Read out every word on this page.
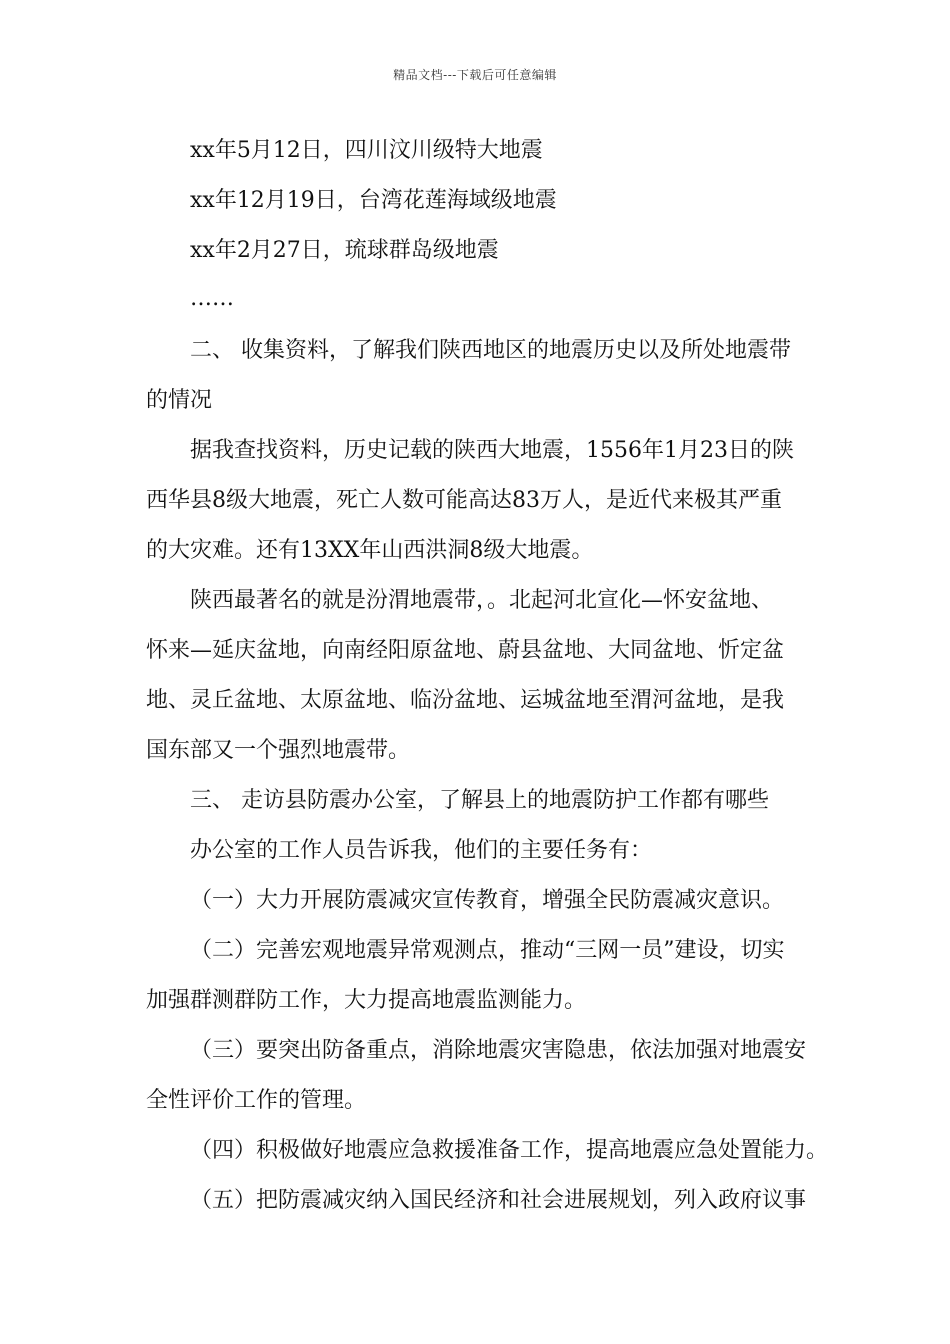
精品文档---下载后可任意编辑
xx年5月12日，四川汶川级特大地震
xx年12月19日，台湾花莲海域级地震
xx年2月27日，琉球群岛级地震
……
二、 收集资料，了解我们陕西地区的地震历史以及所处地震带
的情况
据我查找资料，历史记载的陕西大地震，1556年1月23日的陕
西华县8级大地震，死亡人数可能高达83万人，是近代来极其严重
的大灾难。还有13XX年山西洪洞8级大地震。
陕西最著名的就是汾渭地震带，。北起河北宣化—怀安盆地、
怀来—延庆盆地，向南经阳原盆地、蔚县盆地、大同盆地、忻定盆
地、灵丘盆地、太原盆地、临汾盆地、运城盆地至渭河盆地，是我
国东部又一个强烈地震带。
三、 走访县防震办公室，了解县上的地震防护工作都有哪些
办公室的工作人员告诉我，他们的主要任务有：
（一）大力开展防震减灾宣传教育，增强全民防震减灾意识。
（二）完善宏观地震异常观测点，推动“三网一员”建设，切实
加强群测群防工作，大力提高地震监测能力。
（三）要突出防备重点，消除地震灾害隐患，依法加强对地震安
全性评价工作的管理。
（四）积极做好地震应急救援准备工作，提高地震应急处置能力。
（五）把防震减灾纳入国民经济和社会进展规划，列入政府议事
